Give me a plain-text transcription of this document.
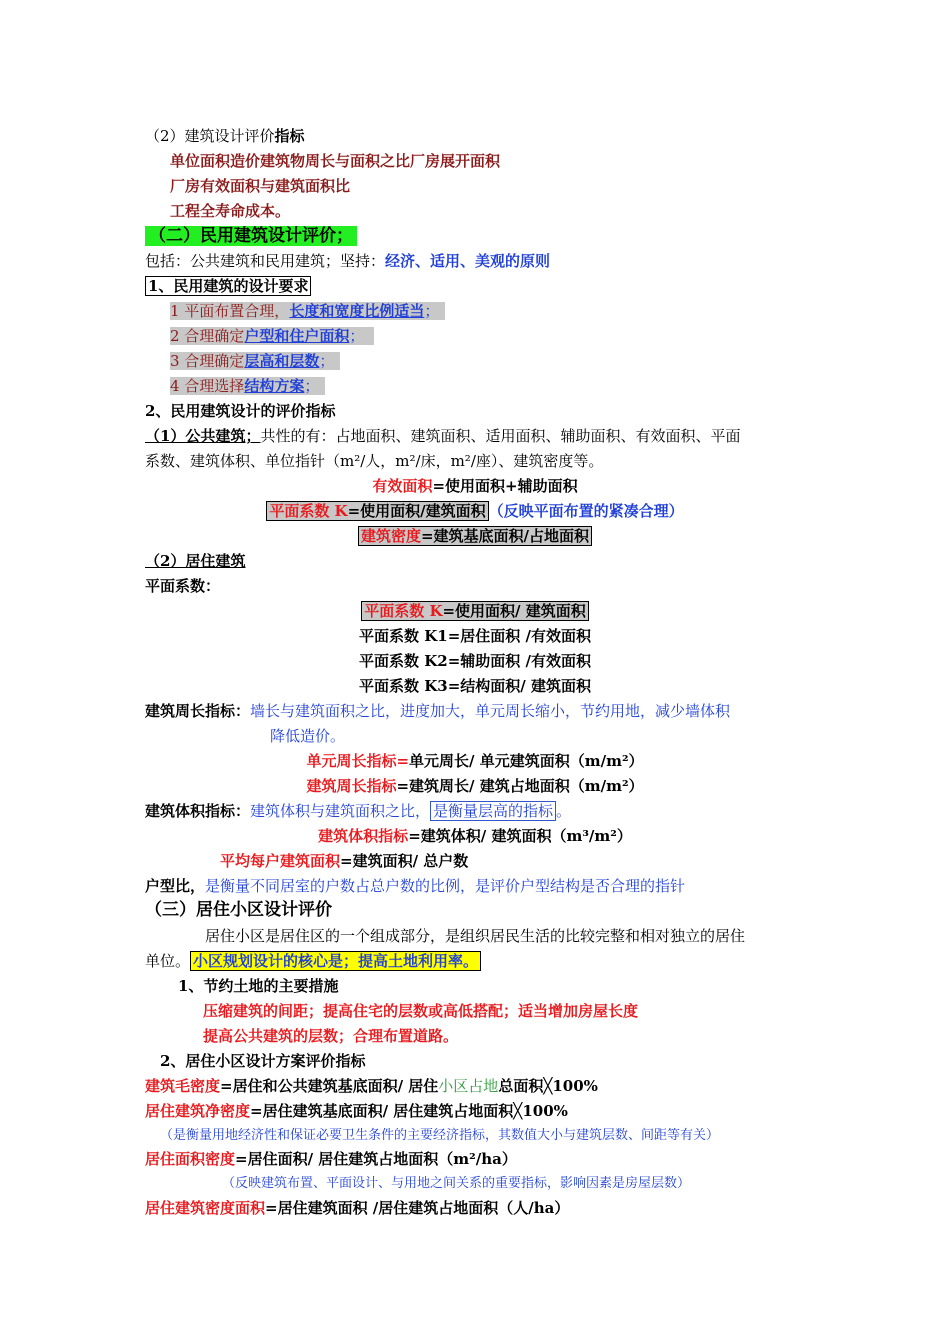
（2）建筑设计评价指标
单位面积造价建筑物周长与面积之比厂房展开面积
厂房有效面积与建筑面积比
工程全寿命成本。
（二）民用建筑设计评价；
包括：公共建筑和民用建筑；坚持：经济、适用、美观的原则
1、民用建筑的设计要求
1 平面布置合理，长度和宽度比例适当；
2 合理确定户型和住户面积；
3 合理确定层高和层数；
4 合理选择结构方案；
2、民用建筑设计的评价指标
（1）公共建筑；共性的有：占地面积、建筑面积、适用面积、辅助面积、有效面积、平面
系数、建筑体积、单位指针（m²/人，m²/床，m²/座）、建筑密度等。
有效面积=使用面积+辅助面积
平面系数 K=使用面积/建筑面积 （反映平面布置的紧凑合理）
建筑密度=建筑基底面积/占地面积
（2）居住建筑
平面系数：
平面系数 K=使用面积/ 建筑面积
平面系数 K1=居住面积 /有效面积
平面系数 K2=辅助面积 /有效面积
平面系数 K3=结构面积/ 建筑面积
建筑周长指标：墙长与建筑面积之比，进度加大，单元周长缩小，节约用地，减少墙体积
降低造价。
单元周长指标=单元周长/ 单元建筑面积（m/m²）
建筑周长指标=建筑周长/ 建筑占地面积（m/m²）
建筑体积指标：建筑体积与建筑面积之比， 是衡量层高的指标 。
建筑体积指标=建筑体积/ 建筑面积（m³/m²）
平均每户建筑面积=建筑面积/ 总户数
户型比，是衡量不同居室的户数占总户数的比例，是评价户型结构是否合理的指针
（三）居住小区设计评价
居住小区是居住区的一个组成部分，是组织居民生活的比较完整和相对独立的居住
单位。 小区规划设计的核心是；提高土地利用率。
1、节约土地的主要措施
压缩建筑的间距；提高住宅的层数或高低搭配；适当增加房屋长度
提高公共建筑的层数；合理布置道路。
2、居住小区设计方案评价指标
建筑毛密度=居住和公共建筑基底面积/ 居住小区占地总面积╳100%
居住建筑净密度=居住建筑基底面积/ 居住建筑占地面积╳100%
（是衡量用地经济性和保证必要卫生条件的主要经济指标，其数值大小与建筑层数、间距等有关）
居住面积密度=居住面积/ 居住建筑占地面积（m²/ha）
（反映建筑布置、平面设计、与用地之间关系的重要指标，影响因素是房屋层数）
居住建筑密度面积=居住建筑面积 /居住建筑占地面积（人/ha）
